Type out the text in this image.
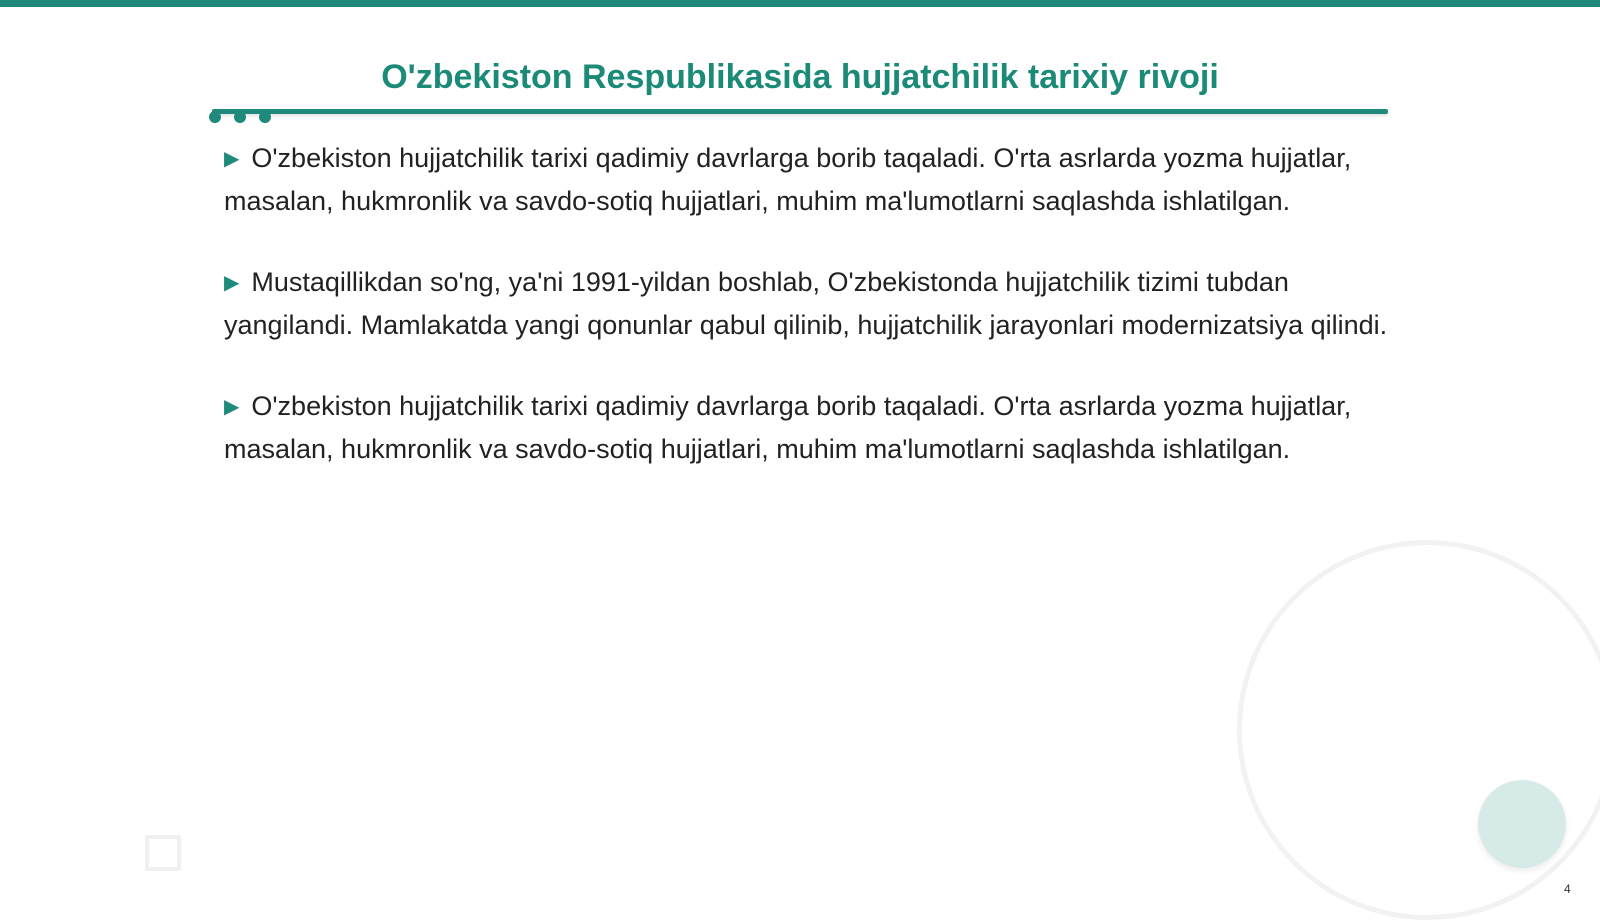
O'zbekiston Respublikasida hujjatchilik tarixiy rivoji

▶ O'zbekiston hujjatchilik tarixi qadimiy davrlarga borib taqaladi. O'rta asrlarda yozma hujjatlar, masalan, hukmronlik va savdo-sotiq hujjatlari, muhim ma'lumotlarni saqlashda ishlatilgan.

▶ Mustaqillikdan so'ng, ya'ni 1991-yildan boshlab, O'zbekistonda hujjatchilik tizimi tubdan yangilandi. Mamlakatda yangi qonunlar qabul qilinib, hujjatchilik jarayonlari modernizatsiya qilindi.

▶ O'zbekiston hujjatchilik tarixi qadimiy davrlarga borib taqaladi. O'rta asrlarda yozma hujjatlar, masalan, hukmronlik va savdo-sotiq hujjatlari, muhim ma'lumotlarni saqlashda ishlatilgan.

4
